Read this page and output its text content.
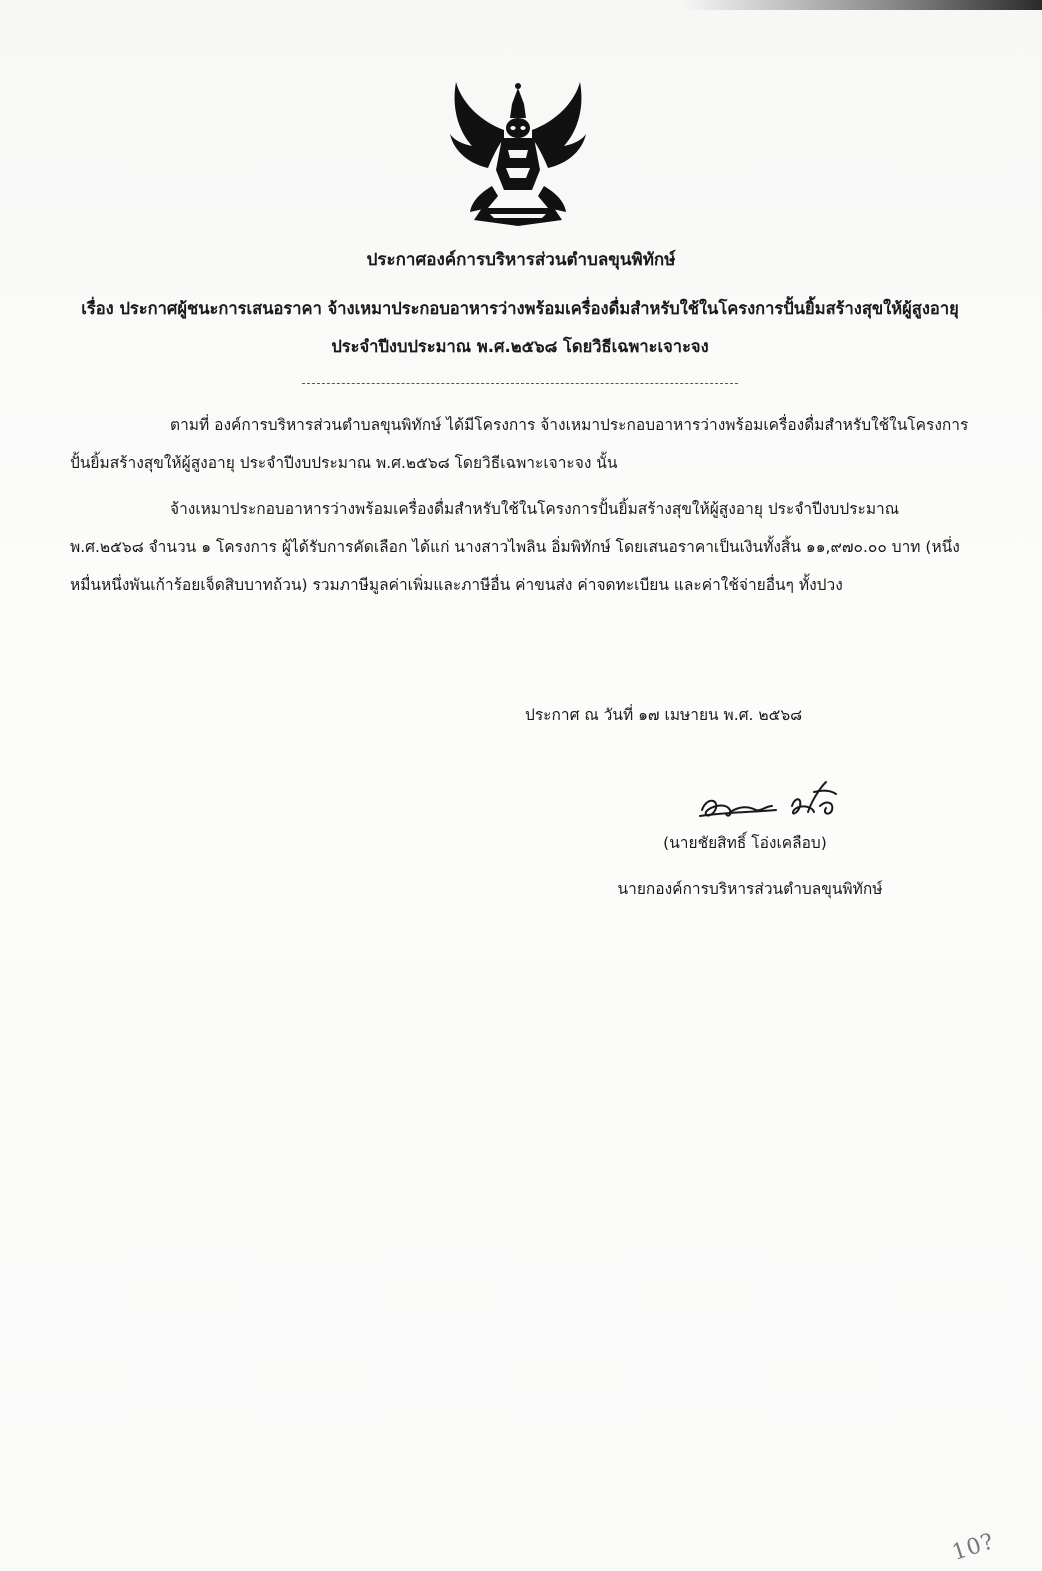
ประกาศองค์การบริหารส่วนตำบลขุนพิทักษ์
เรื่อง ประกาศผู้ชนะการเสนอราคา จ้างเหมาประกอบอาหารว่างพร้อมเครื่องดื่มสำหรับใช้ในโครงการปั้นยิ้มสร้างสุขให้ผู้สูงอายุ ประจำปีงบประมาณ พ.ศ.๒๕๖๘ โดยวิธีเฉพาะเจาะจง
ตามที่ องค์การบริหารส่วนตำบลขุนพิทักษ์ ได้มีโครงการ จ้างเหมาประกอบอาหารว่างพร้อมเครื่องดื่มสำหรับใช้ในโครงการปั้นยิ้มสร้างสุขให้ผู้สูงอายุ ประจำปีงบประมาณ พ.ศ.๒๕๖๘ โดยวิธีเฉพาะเจาะจง นั้น
จ้างเหมาประกอบอาหารว่างพร้อมเครื่องดื่มสำหรับใช้ในโครงการปั้นยิ้มสร้างสุขให้ผู้สูงอายุ ประจำปีงบประมาณ พ.ศ.๒๕๖๘ จำนวน ๑ โครงการ ผู้ได้รับการคัดเลือก ได้แก่ นางสาวไพลิน อิ่มพิทักษ์ โดยเสนอราคาเป็นเงินทั้งสิ้น ๑๑,๙๗๐.๐๐ บาท (หนึ่งหมื่นหนึ่งพันเก้าร้อยเจ็ดสิบบาทถ้วน) รวมภาษีมูลค่าเพิ่มและภาษีอื่น ค่าขนส่ง ค่าจดทะเบียน และค่าใช้จ่ายอื่นๆ ทั้งปวง
ประกาศ ณ วันที่ ๑๗ เมษายน พ.ศ. ๒๕๖๘
(นายชัยสิทธิ์ โอ่งเคลือบ)
นายกองค์การบริหารส่วนตำบลขุนพิทักษ์
10?
